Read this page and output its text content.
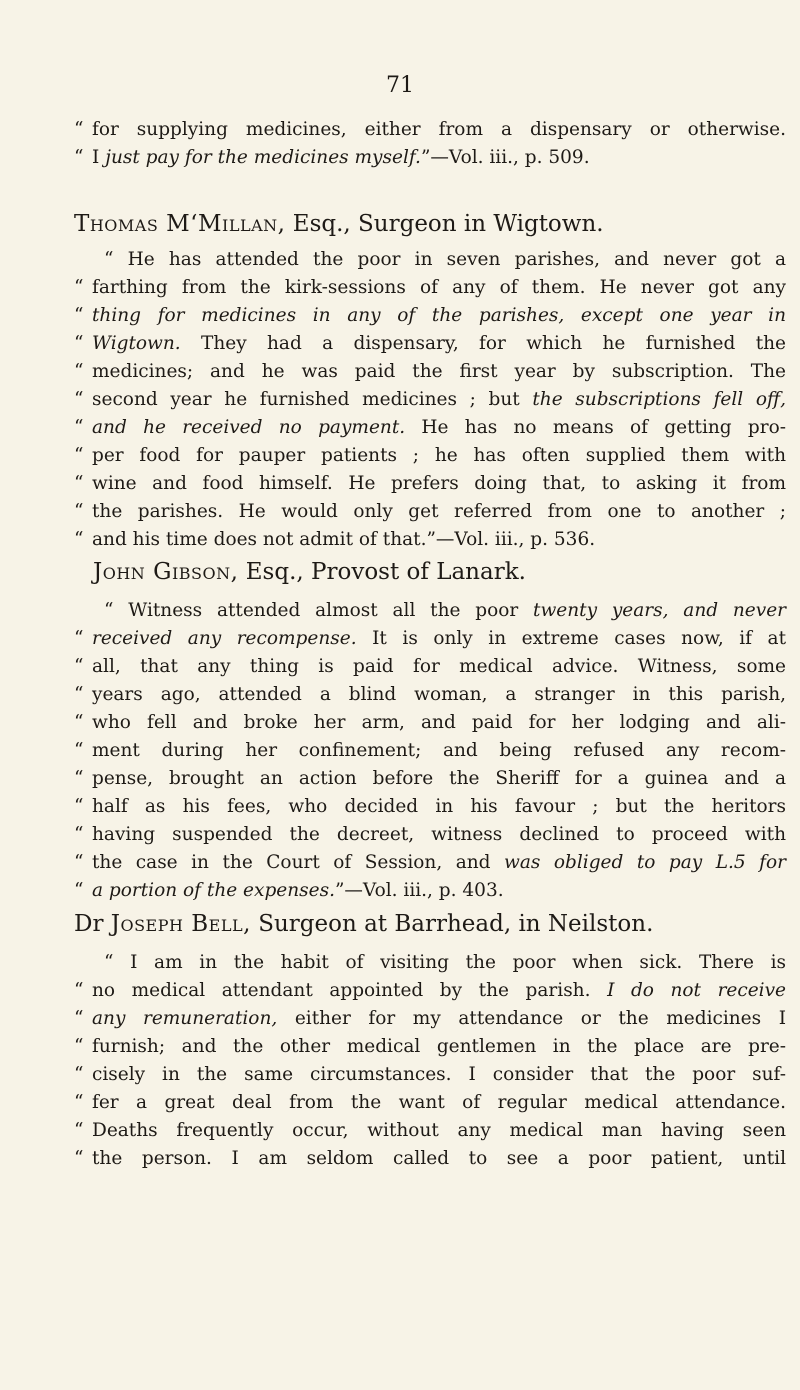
71
“ for supplying medicines, either from a dispensary or otherwise.
“ I just pay for the medicines myself.”—Vol. iii., p. 509.
Thomas M‘Millan, Esq., Surgeon in Wigtown.
“ He has attended the poor in seven parishes, and never got a
“ farthing from the kirk-sessions of any of them. He never got any
“ thing for medicines in any of the parishes, except one year in
“ Wigtown. They had a dispensary, for which he furnished the
“ medicines; and he was paid the first year by subscription. The
“ second year he furnished medicines ; but the subscriptions fell off,
“ and he received no payment. He has no means of getting pro-
“ per food for pauper patients ; he has often supplied them with
“ wine and food himself. He prefers doing that, to asking it from
“ the parishes. He would only get referred from one to another ;
“ and his time does not admit of that.”—Vol. iii., p. 536.
John Gibson, Esq., Provost of Lanark.
“ Witness attended almost all the poor twenty years, and never
“ received any recompense. It is only in extreme cases now, if at
“ all, that any thing is paid for medical advice. Witness, some
“ years ago, attended a blind woman, a stranger in this parish,
“ who fell and broke her arm, and paid for her lodging and ali-
“ ment during her confinement; and being refused any recom-
“ pense, brought an action before the Sheriff for a guinea and a
“ half as his fees, who decided in his favour ; but the heritors
“ having suspended the decreet, witness declined to proceed with
“ the case in the Court of Session, and was obliged to pay L.5 for
“ a portion of the expenses.”—Vol. iii., p. 403.
Dr Joseph Bell, Surgeon at Barrhead, in Neilston.
“ I am in the habit of visiting the poor when sick. There is
“ no medical attendant appointed by the parish. I do not receive
“ any remuneration, either for my attendance or the medicines I
“ furnish; and the other medical gentlemen in the place are pre-
“ cisely in the same circumstances. I consider that the poor suf-
“ fer a great deal from the want of regular medical attendance.
“ Deaths frequently occur, without any medical man having seen
“ the person. I am seldom called to see a poor patient, until
